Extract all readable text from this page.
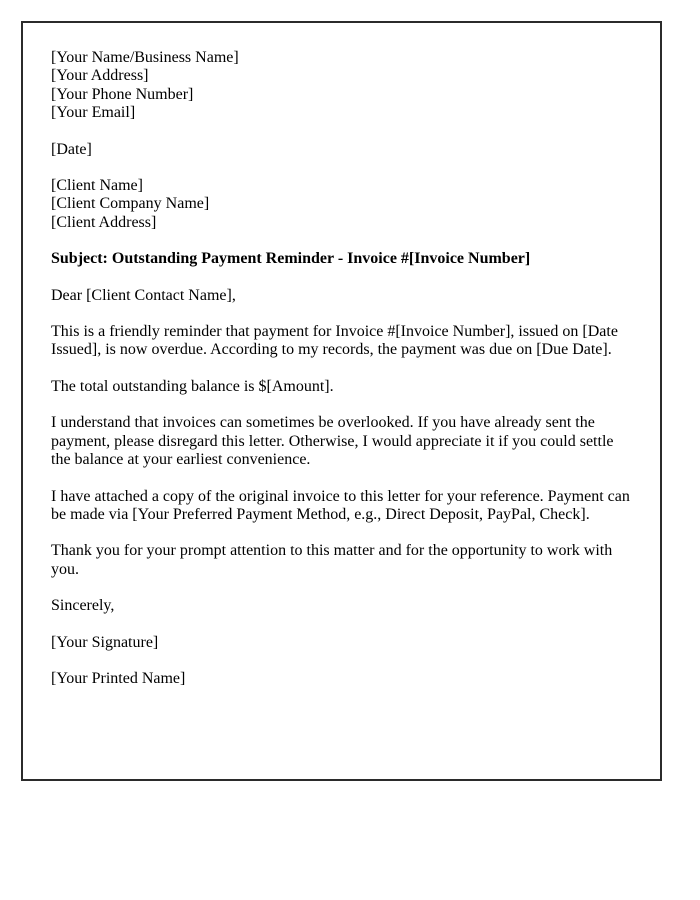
[Your Name/Business Name]
[Your Address]
[Your Phone Number]
[Your Email]
[Date]
[Client Name]
[Client Company Name]
[Client Address]
Subject: Outstanding Payment Reminder - Invoice #[Invoice Number]
Dear [Client Contact Name],
This is a friendly reminder that payment for Invoice #[Invoice Number], issued on [Date Issued], is now overdue. According to my records, the payment was due on [Due Date].
The total outstanding balance is $[Amount].
I understand that invoices can sometimes be overlooked. If you have already sent the payment, please disregard this letter. Otherwise, I would appreciate it if you could settle the balance at your earliest convenience.
I have attached a copy of the original invoice to this letter for your reference. Payment can be made via [Your Preferred Payment Method, e.g., Direct Deposit, PayPal, Check].
Thank you for your prompt attention to this matter and for the opportunity to work with you.
Sincerely,
[Your Signature]
[Your Printed Name]
